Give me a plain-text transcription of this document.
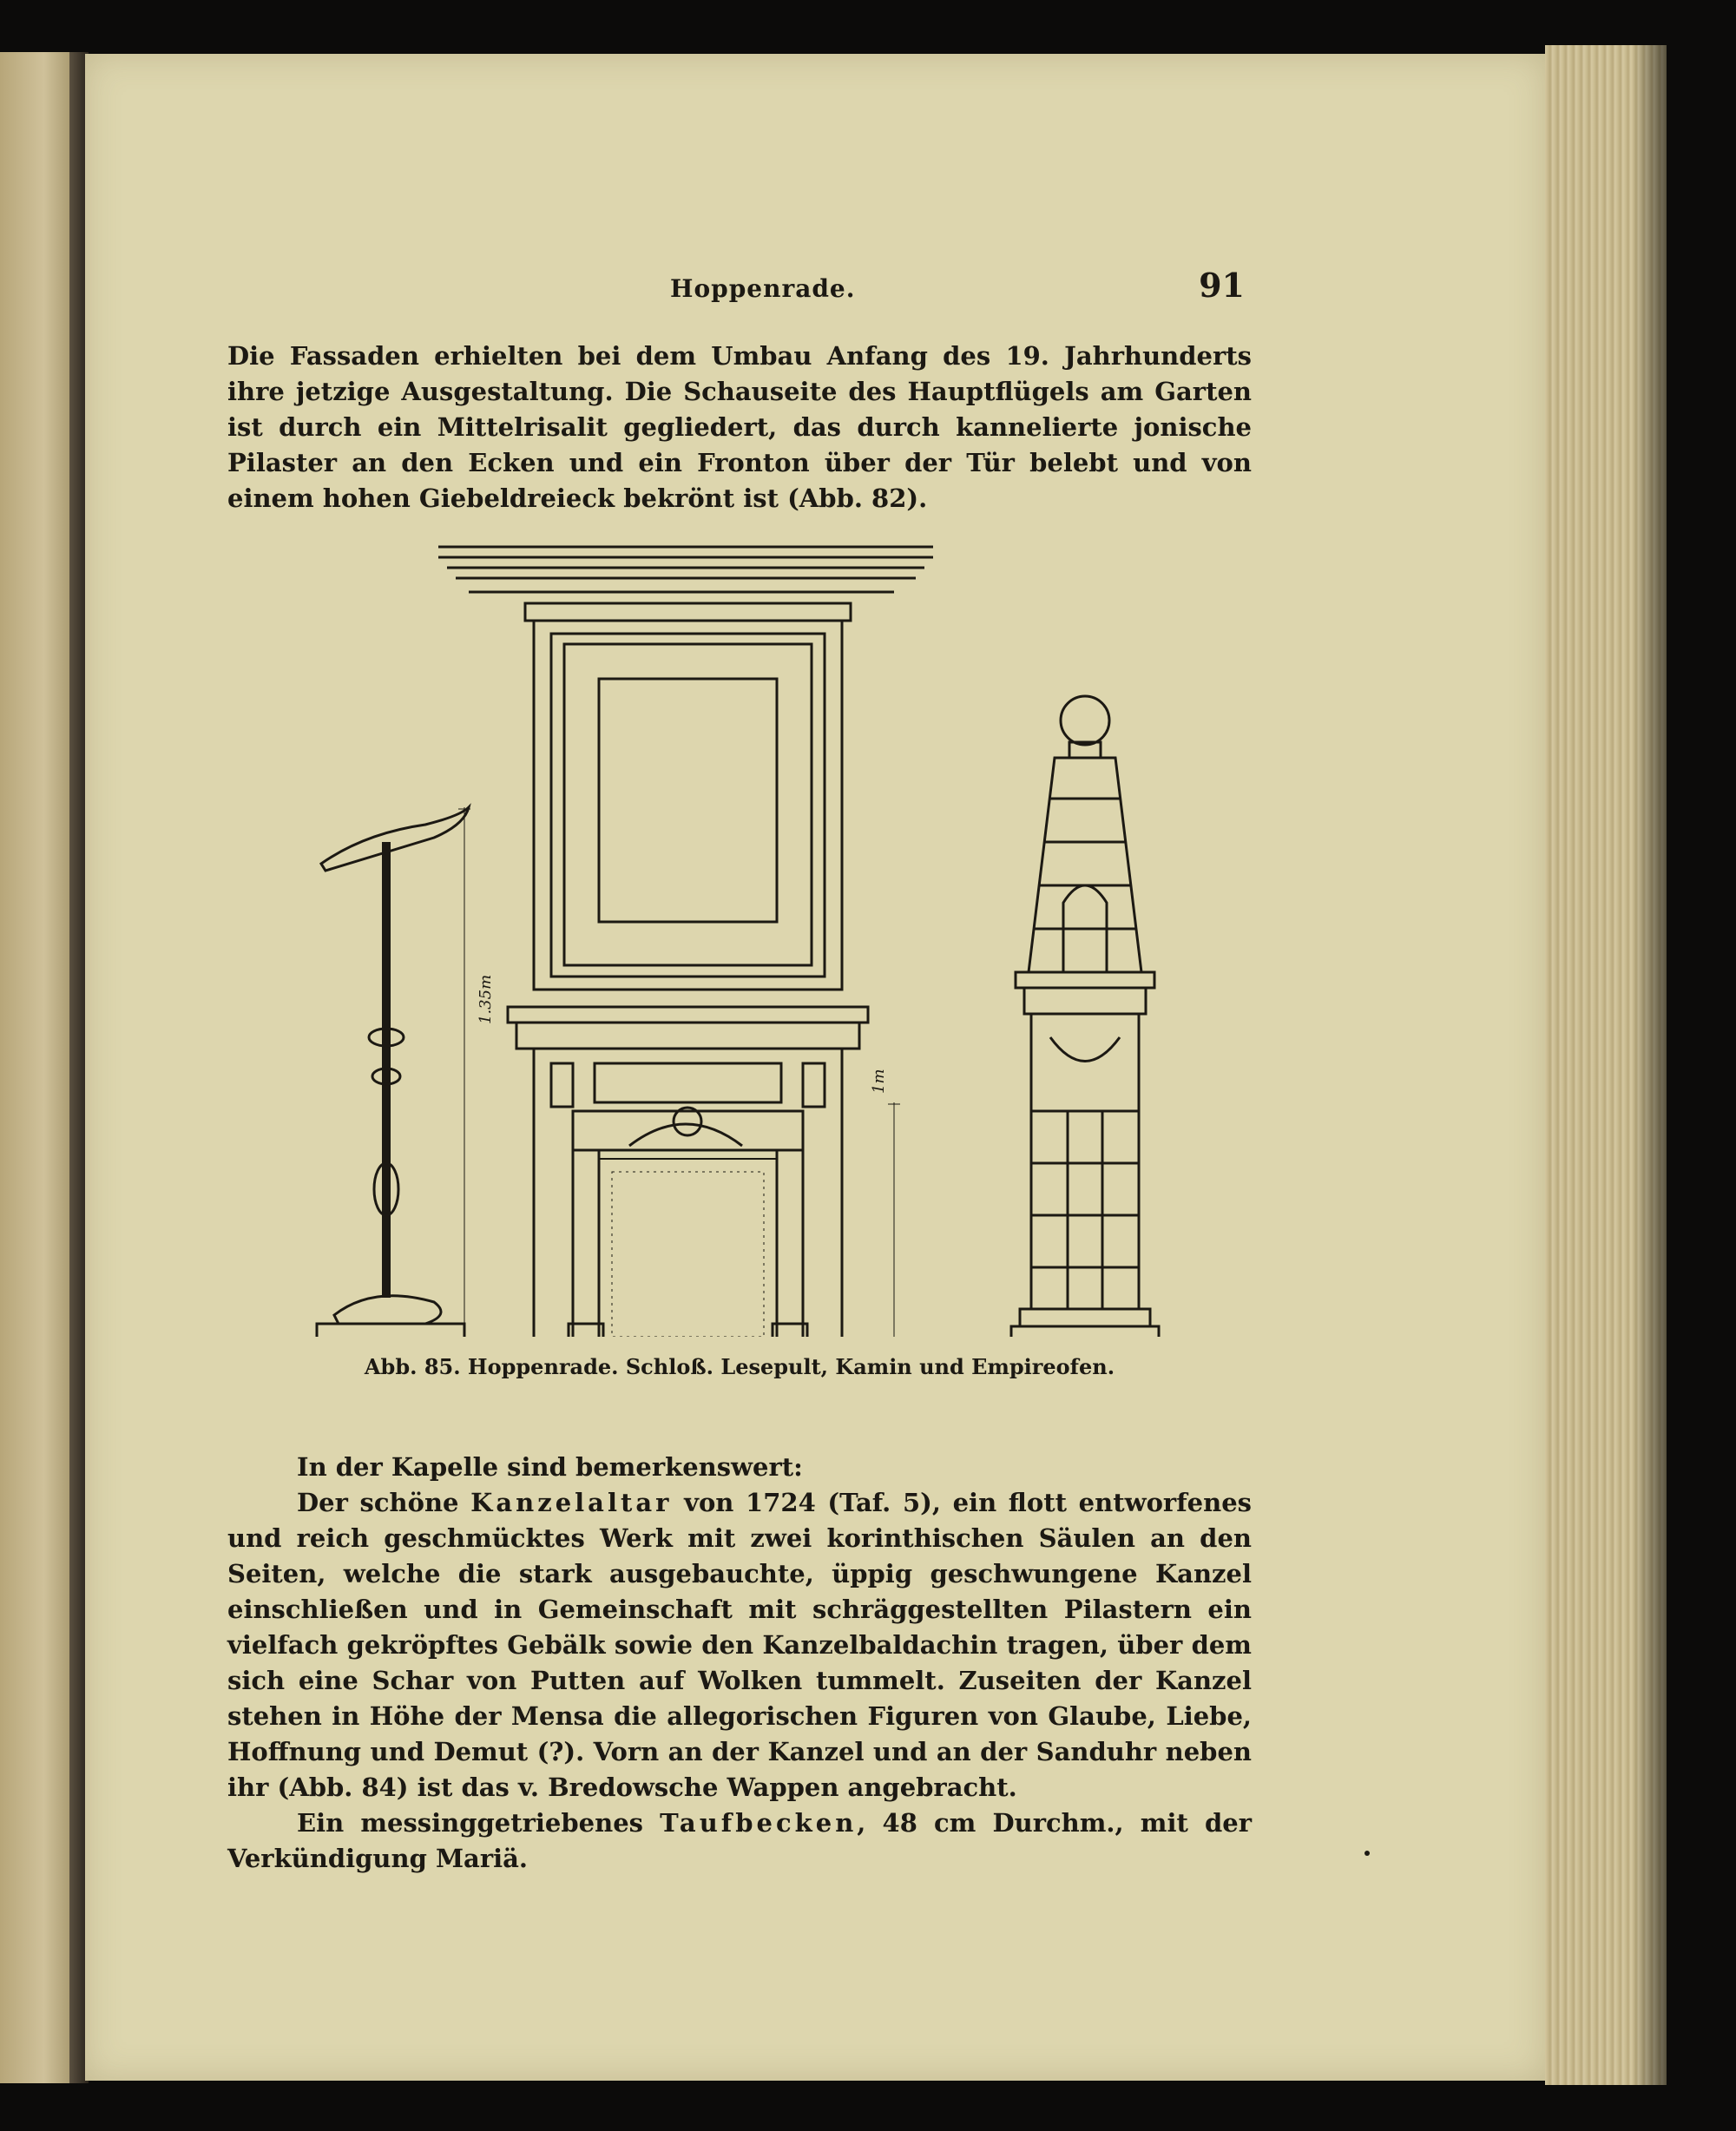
Hoppenrade.	91

Die Fassaden erhielten bei dem Umbau Anfang des 19. Jahrhunderts ihre jetzige Ausgestaltung. Die Schauseite des Hauptflügels am Garten ist durch ein Mittelrisalit gegliedert, das durch kannelierte jonische Pilaster an den Ecken und ein Fronton über der Tür belebt und von einem hohen Giebeldreieck bekrönt ist (Abb. 82).

1.35m
1m
Abb. 85. Hoppenrade. Schloß. Lesepult, Kamin und Empireofen.

In der Kapelle sind bemerkenswert:

Der schöne Kanzelaltar von 1724 (Taf. 5), ein flott entworfenes und reich geschmücktes Werk mit zwei korinthischen Säulen an den Seiten, welche die stark ausgebauchte, üppig geschwungene Kanzel einschließen und in Gemeinschaft mit schräggestellten Pilastern ein vielfach gekröpftes Gebälk sowie den Kanzelbaldachin tragen, über dem sich eine Schar von Putten auf Wolken tummelt. Zuseiten der Kanzel stehen in Höhe der Mensa die allegorischen Figuren von Glaube, Liebe, Hoffnung und Demut (?). Vorn an der Kanzel und an der Sanduhr neben ihr (Abb. 84) ist das v. Bredowsche Wappen angebracht.

Ein messinggetriebenes Taufbecken, 48 cm Durchm., mit der Verkündigung Mariä.
